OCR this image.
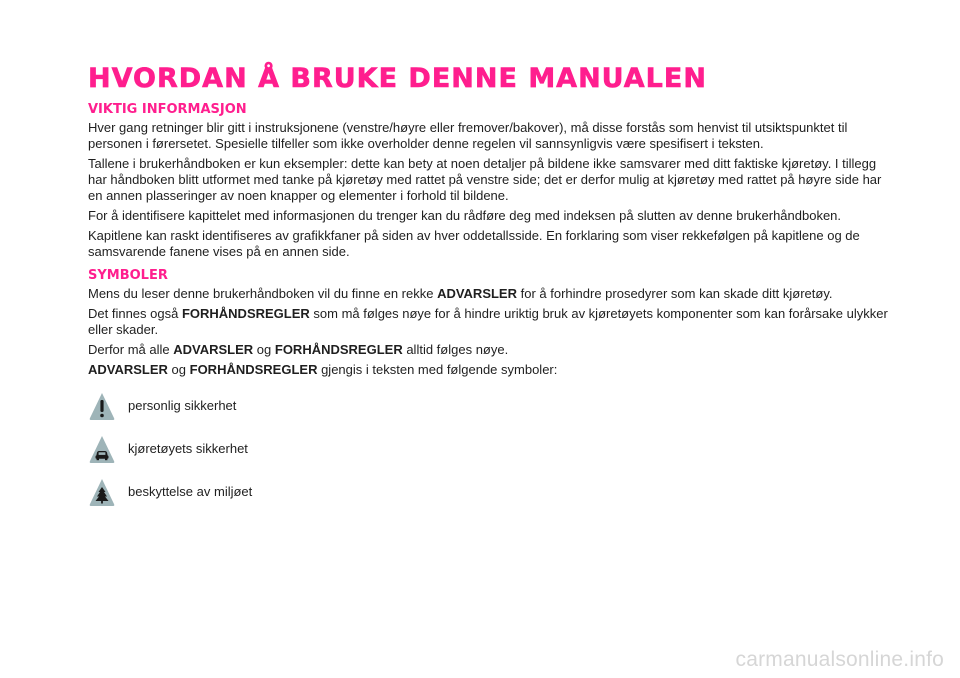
HVORDAN Å BRUKE DENNE MANUALEN
VIKTIG INFORMASJON

Hver gang retninger blir gitt i instruksjonene (venstre/høyre eller fremover/bakover), må disse forstås som henvist til utsiktspunktet til personen i førersetet. Spesielle tilfeller som ikke overholder denne regelen vil sannsynligvis være spesifisert i teksten.

Tallene i brukerhåndboken er kun eksempler: dette kan bety at noen detaljer på bildene ikke samsvarer med ditt faktiske kjøretøy. I tillegg har håndboken blitt utformet med tanke på kjøretøy med rattet på venstre side; det er derfor mulig at kjøretøy med rattet på høyre side har en annen plasseringer av noen knapper og elementer i forhold til bildene.

For å identifisere kapittelet med informasjonen du trenger kan du rådføre deg med indeksen på slutten av denne brukerhåndboken.

Kapitlene kan raskt identifiseres av grafikkfaner på siden av hver oddetallsside. En forklaring som viser rekkefølgen på kapitlene og de samsvarende fanene vises på en annen side.

SYMBOLER

Mens du leser denne brukerhåndboken vil du finne en rekke ADVARSLER for å forhindre prosedyrer som kan skade ditt kjøretøy.

Det finnes også FORHÅNDSREGLER som må følges nøye for å hindre uriktig bruk av kjøretøyets komponenter som kan forårsake ulykker eller skader.

Derfor må alle ADVARSLER og FORHÅNDSREGLER alltid følges nøye.

ADVARSLER og FORHÅNDSREGLER gjengis i teksten med følgende symboler:

personlig sikkerhet
kjøretøyets sikkerhet
beskyttelse av miljøet
carmanualsonline.info
